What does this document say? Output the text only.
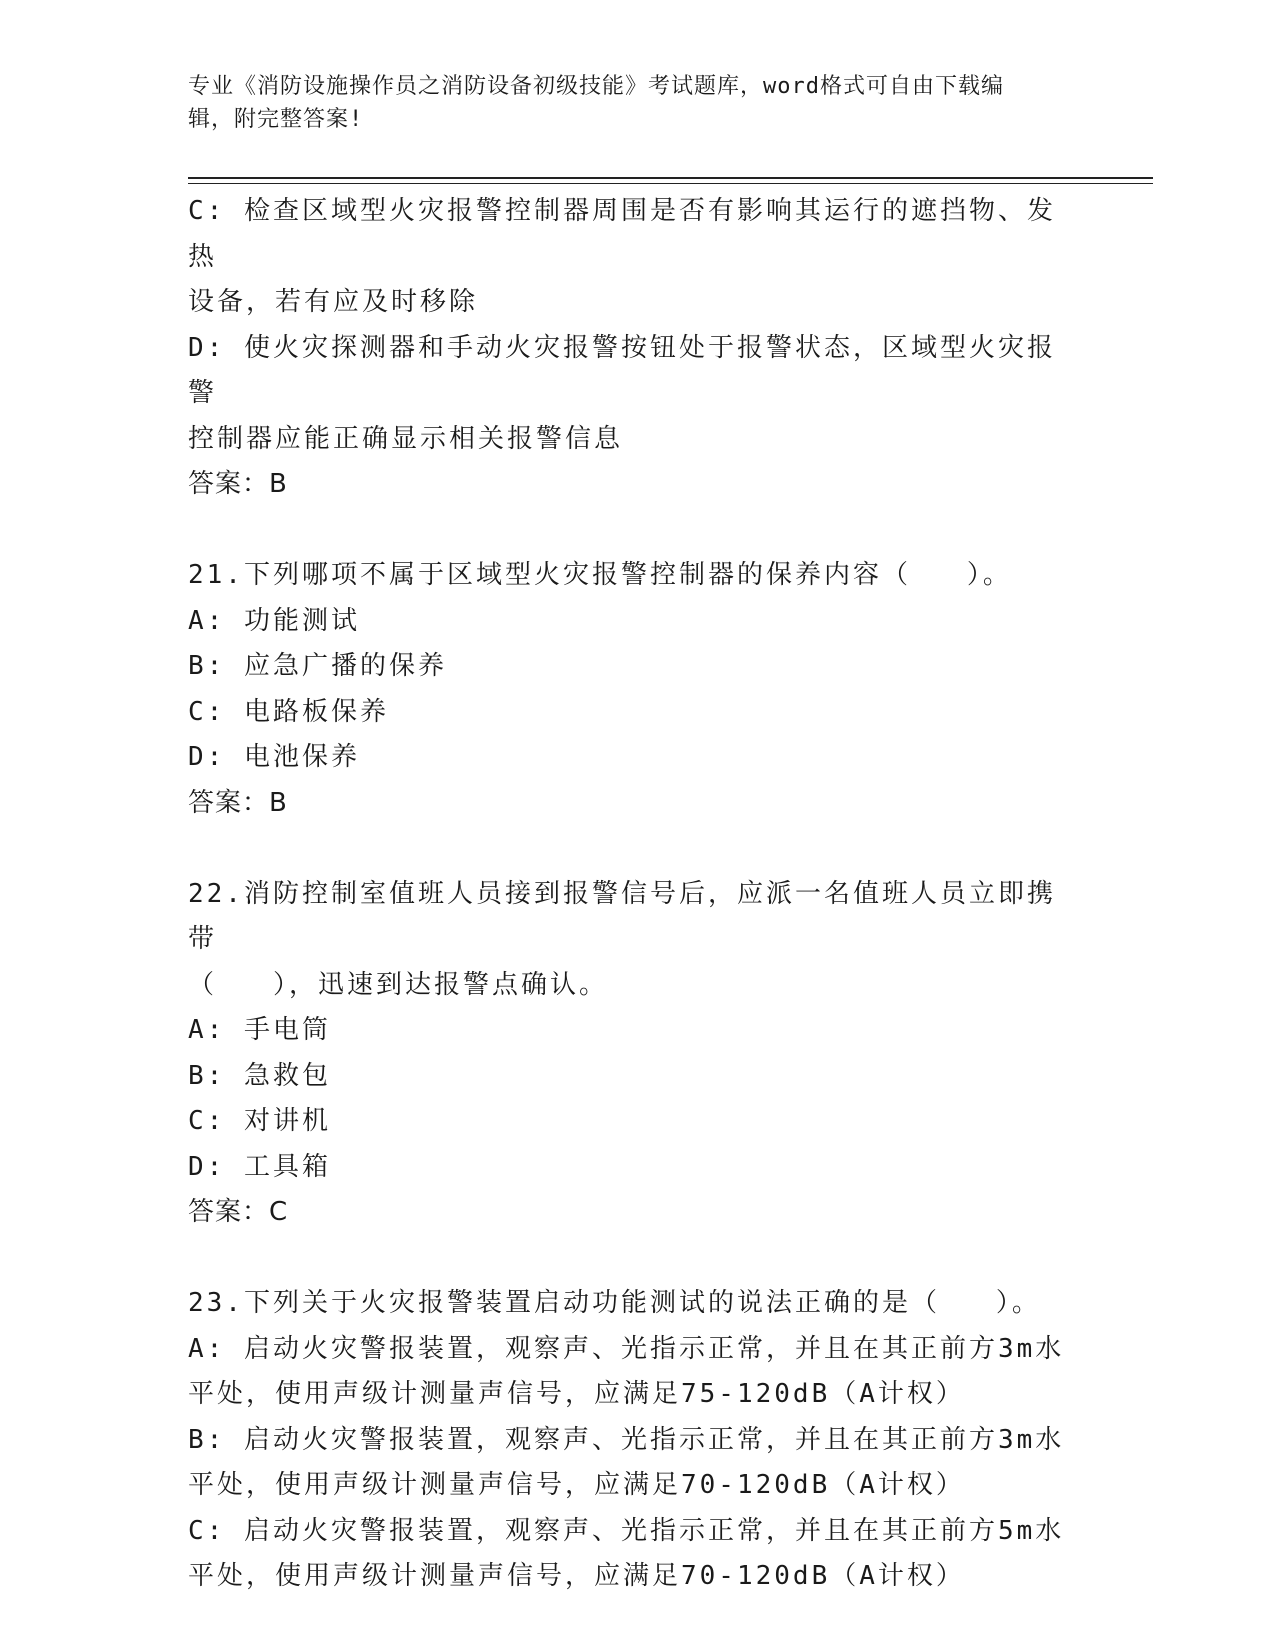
专业《消防设施操作员之消防设备初级技能》考试题库，word格式可自由下载编
辑，附完整答案!
C: 检查区域型火灾报警控制器周围是否有影响其运行的遮挡物、发热
设备，若有应及时移除
D: 使火灾探测器和手动火灾报警按钮处于报警状态，区域型火灾报警
控制器应能正确显示相关报警信息
答案：B
21.下列哪项不属于区域型火灾报警控制器的保养内容（   ）。
A: 功能测试
B: 应急广播的保养
C: 电路板保养
D: 电池保养
答案：B
22.消防控制室值班人员接到报警信号后，应派一名值班人员立即携带
（   ），迅速到达报警点确认。
A: 手电筒
B: 急救包
C: 对讲机
D: 工具箱
答案：C
23.下列关于火灾报警装置启动功能测试的说法正确的是（   ）。
A: 启动火灾警报装置，观察声、光指示正常，并且在其正前方3m水
平处，使用声级计测量声信号，应满足75-120dB（A计权）
B: 启动火灾警报装置，观察声、光指示正常，并且在其正前方3m水
平处，使用声级计测量声信号，应满足70-120dB（A计权）
C: 启动火灾警报装置，观察声、光指示正常，并且在其正前方5m水
平处，使用声级计测量声信号，应满足70-120dB（A计权）
